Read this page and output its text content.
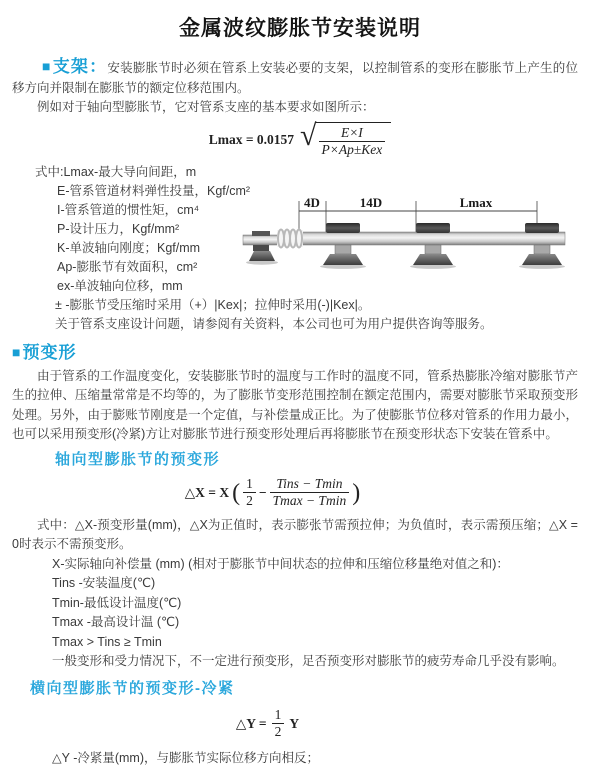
金属波纹膨胀节安装说明

■支架：安装膨胀节时必须在管系上安装必要的支架，以控制管系的变形在膨胀节上产生的位移方向并限制在膨胀节的额定位移范围内。

例如对于轴向型膨胀节，它对管系支座的基本要求如图所示：

Lmax = 0.0157 √ $\frac{E\times I}{\text{P×Ap±Kex}}$
式中:Lmax-最大导向间距，m
E-管系管道材料弹性投量，Kgf/cm²
I-管系管道的惯性矩，cm⁴
P-设计压力，Kgf/mm²
K-单波轴向刚度；Kgf/mm
Ap-膨胀节有效面积，cm²
ex-单波轴向位移，mm
± -膨胀节受压缩时采用（+）|Kex|；拉伸时采用(-)|Kex|。
关于管系支座设计问题，请参阅有关资料，本公司也可为用户提供咨询等服务。
4D	14D	Lmax
■预变形

由于管系的工作温度变化，安装膨胀节时的温度与工作时的温度不同，管系热膨胀冷缩对膨胀节产生的拉伸、压缩量常常是不均等的，为了膨胀节变形范围控制在额定范围内，需要对膨胀节采取预变形处理。另外，由于膨账节刚度是一个定值，与补偿量成正比。为了使膨胀节位移对管系的作用力最小，也可以采用预变形(冷紧)方让对膨胀节进行预变形处理后再将膨胀节在预变形状态下安装在管系中。

轴向型膨胀节的预变形
△X = X ( $\frac{1}{2} - \frac{\text{Tins − Tmin}}{Tmax - Tmin}$ )

式中：△X-预变形量(mm)，△X为正值时，表示膨张节需预拉伸；为负值时，表示需预压缩；△X = 0时表示不需预变形。

X-实际轴向补偿量 (mm) (相对于膨胀节中间状态的拉伸和压缩位移量绝对值之和)：
Tins -安装温度(℃)
Tmin-最低设计温度(℃)
Tmax -最高设计温 (℃)
Tmax > Tins ≥ Tmin
一般变形和受力情况下，不一定进行预变形，足否预变形对膨胀节的疲劳寿命几乎没有影响。
横向型膨胀节的预变形-冷紧
△Y = $\frac{1}{2}$ Y
△Y -冷紧量(mm)，与膨胀节实际位移方向相反；
